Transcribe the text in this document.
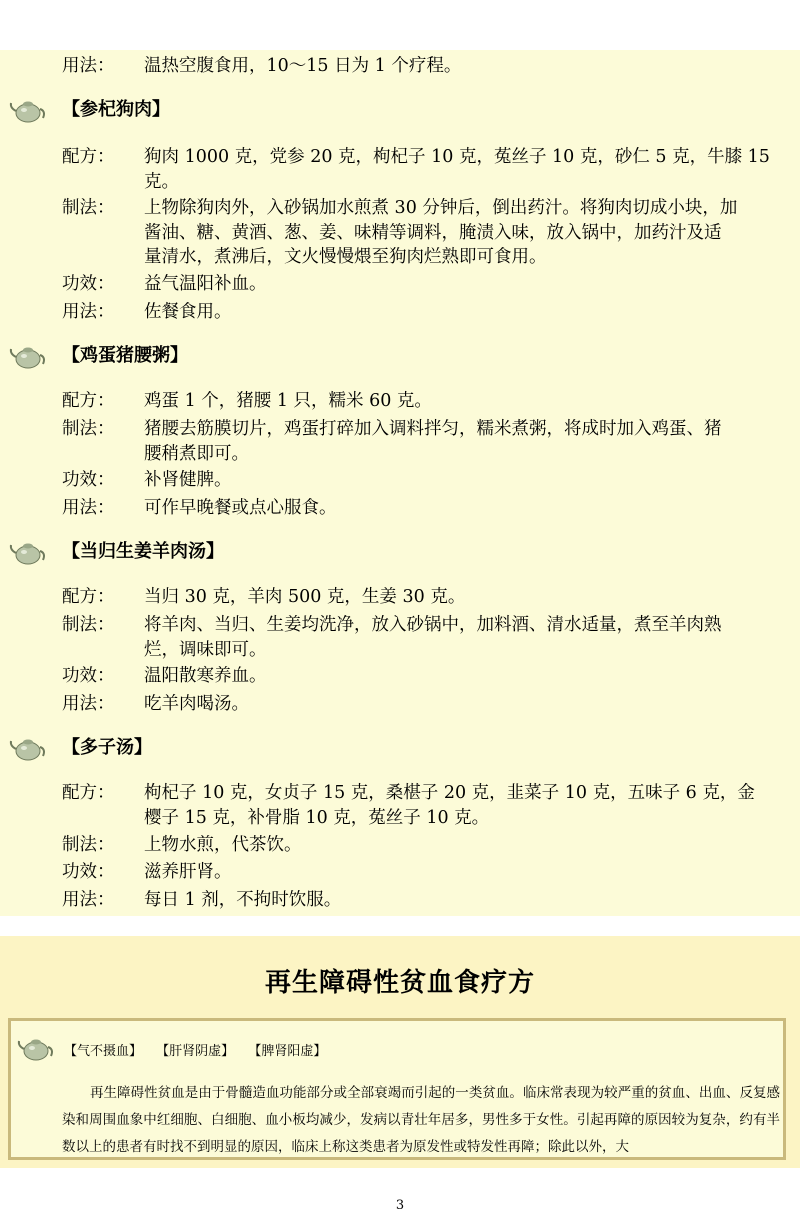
用法：	温热空腹食用，10～15 日为 1 个疗程。
【参杞狗肉】
配方：	狗肉 1000 克，党参 20 克，枸杞子 10 克，菟丝子 10 克，砂仁 5 克，牛膝 15
克。
制法：	上物除狗肉外，入砂锅加水煎煮 30 分钟后，倒出药汁。将狗肉切成小块，加
酱油、糖、黄酒、葱、姜、味精等调料，腌渍入味，放入锅中，加药汁及适
量清水，煮沸后，文火慢慢煨至狗肉烂熟即可食用。
功效：	益气温阳补血。
用法：	佐餐食用。
【鸡蛋猪腰粥】
配方：	鸡蛋 1 个，猪腰 1 只，糯米 60 克。
制法：	猪腰去筋膜切片，鸡蛋打碎加入调料拌匀，糯米煮粥，将成时加入鸡蛋、猪
腰稍煮即可。
功效：	补肾健脾。
用法：	可作早晚餐或点心服食。
【当归生姜羊肉汤】
配方：	当归 30 克，羊肉 500 克，生姜 30 克。
制法：	将羊肉、当归、生姜均洗净，放入砂锅中，加料酒、清水适量，煮至羊肉熟
烂，调味即可。
功效：	温阳散寒养血。
用法：	吃羊肉喝汤。
【多子汤】
配方：	枸杞子 10 克，女贞子 15 克，桑椹子 20 克，韭菜子 10 克，五味子 6 克，金
樱子 15 克，补骨脂 10 克，菟丝子 10 克。
制法：	上物水煎，代茶饮。
功效：	滋养肝肾。
用法：	每日 1 剂，不拘时饮服。
再生障碍性贫血食疗方
【气不摄血】 【肝肾阴虚】 【脾肾阳虚】
再生障碍性贫血是由于骨髓造血功能部分或全部衰竭而引起的一类贫血。临床常表现为较严重的贫血、出血、反复感染和周围血象中红细胞、白细胞、血小板均减少，发病以青壮年居多，男性多于女性。引起再障的原因较为复杂，约有半数以上的患者有时找不到明显的原因，临床上称这类患者为原发性或特发性再障；除此以外，大
3
